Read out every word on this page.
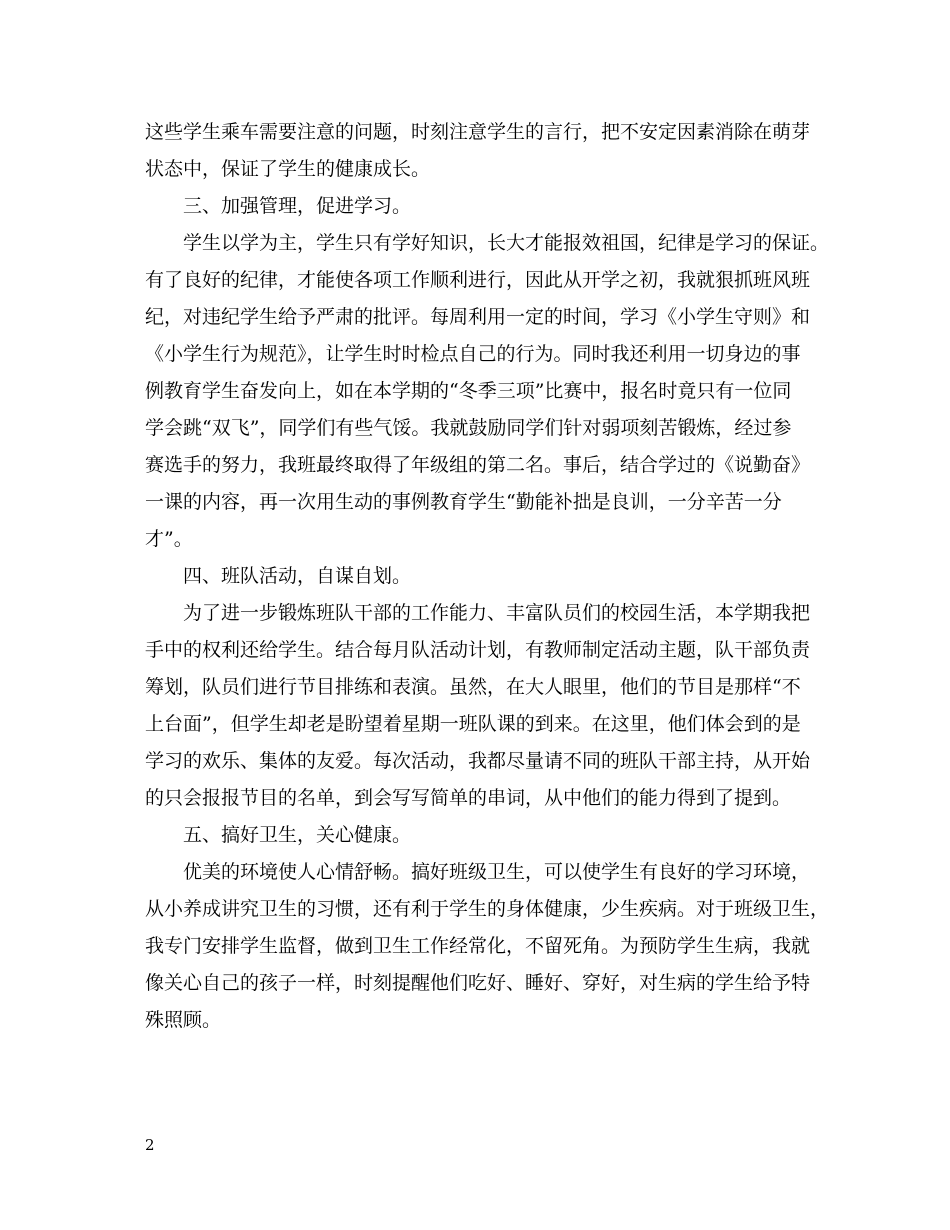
这些学生乘车需要注意的问题，时刻注意学生的言行，把不安定因素消除在萌芽
状态中，保证了学生的健康成长。
　　三、加强管理，促进学习。
　　学生以学为主，学生只有学好知识，长大才能报效祖国，纪律是学习的保证。
有了良好的纪律，才能使各项工作顺利进行，因此从开学之初，我就狠抓班风班
纪，对违纪学生给予严肃的批评。每周利用一定的时间，学习《小学生守则》和
《小学生行为规范》，让学生时时检点自己的行为。同时我还利用一切身边的事
例教育学生奋发向上，如在本学期的“冬季三项”比赛中，报名时竟只有一位同
学会跳“双飞”，同学们有些气馁。我就鼓励同学们针对弱项刻苦锻炼，经过参
赛选手的努力，我班最终取得了年级组的第二名。事后，结合学过的《说勤奋》
一课的内容，再一次用生动的事例教育学生“勤能补拙是良训，一分辛苦一分
才”。
　　四、班队活动，自谋自划。
　　为了进一步锻炼班队干部的工作能力、丰富队员们的校园生活，本学期我把
手中的权利还给学生。结合每月队活动计划，有教师制定活动主题，队干部负责
筹划，队员们进行节目排练和表演。虽然，在大人眼里，他们的节目是那样“不
上台面”，但学生却老是盼望着星期一班队课的到来。在这里，他们体会到的是
学习的欢乐、集体的友爱。每次活动，我都尽量请不同的班队干部主持，从开始
的只会报报节目的名单，到会写写简单的串词，从中他们的能力得到了提到。
　　五、搞好卫生，关心健康。
　　优美的环境使人心情舒畅。搞好班级卫生，可以使学生有良好的学习环境，
从小养成讲究卫生的习惯，还有利于学生的身体健康，少生疾病。对于班级卫生，
我专门安排学生监督，做到卫生工作经常化，不留死角。为预防学生生病，我就
像关心自己的孩子一样，时刻提醒他们吃好、睡好、穿好，对生病的学生给予特
殊照顾。
2
